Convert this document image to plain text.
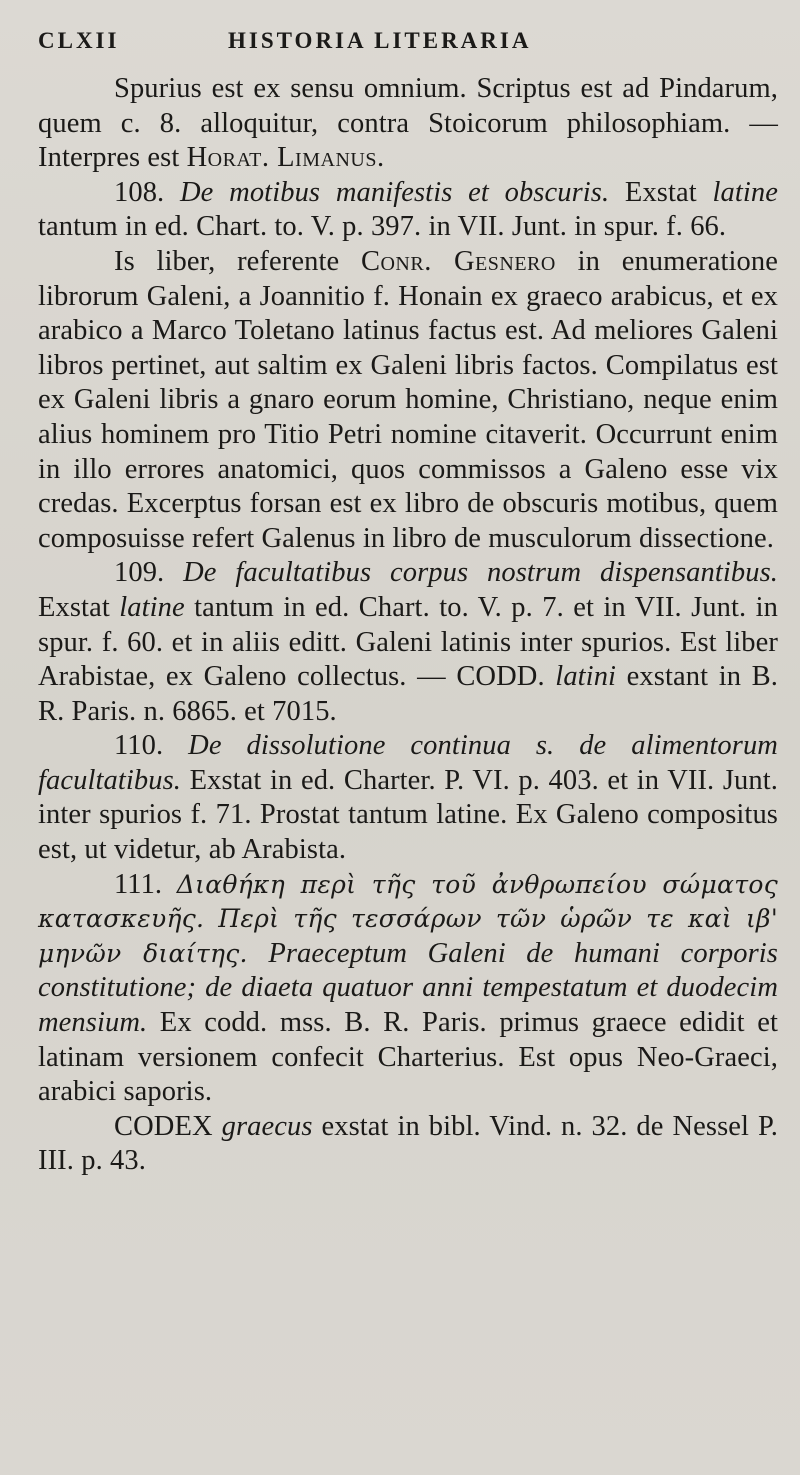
CLXII	HISTORIA LITERARIA

Spurius est ex sensu omnium. Scriptus est ad Pindarum, quem c. 8. alloquitur, contra Stoicorum philosophiam. — Interpres est Horat. Limanus.

108. De motibus manifestis et obscuris. Exstat latine tantum in ed. Chart. to. V. p. 397. in VII. Junt. in spur. f. 66.

Is liber, referente Conr. Gesnero in enumeratione librorum Galeni, a Joannitio f. Honain ex graeco arabicus, et ex arabico a Marco Toletano latinus factus est. Ad meliores Galeni libros pertinet, aut saltim ex Galeni libris factos. Compilatus est ex Galeni libris a gnaro eorum homine, Christiano, neque enim alius hominem pro Titio Petri nomine citaverit. Occurrunt enim in illo errores anatomici, quos commissos a Galeno esse vix credas. Excerptus forsan est ex libro de obscuris motibus, quem composuisse refert Galenus in libro de musculorum dissectione.

109. De facultatibus corpus nostrum dispensantibus. Exstat latine tantum in ed. Chart. to. V. p. 7. et in VII. Junt. in spur. f. 60. et in aliis editt. Galeni latinis inter spurios. Est liber Arabistae, ex Galeno collectus. — CODD. latini exstant in B. R. Paris. n. 6865. et 7015.

110. De dissolutione continua s. de alimentorum facultatibus. Exstat in ed. Charter. P. VI. p. 403. et in VII. Junt. inter spurios f. 71. Prostat tantum latine. Ex Galeno compositus est, ut videtur, ab Arabista.

111. Διαθήκη περὶ τῆς τοῦ ἀνθρωπείου σώματος κατασκευῆς. Περὶ τῆς τεσσάρων τῶν ὡρῶν τε καὶ ιβ' μηνῶν διαίτης. Praeceptum Galeni de humani corporis constitutione; de diaeta quatuor anni tempestatum et duodecim mensium. Ex codd. mss. B. R. Paris. primus graece edidit et latinam versionem confecit Charterius. Est opus Neo-Graeci, arabici saporis.

CODEX graecus exstat in bibl. Vind. n. 32. de Nessel P. III. p. 43.
